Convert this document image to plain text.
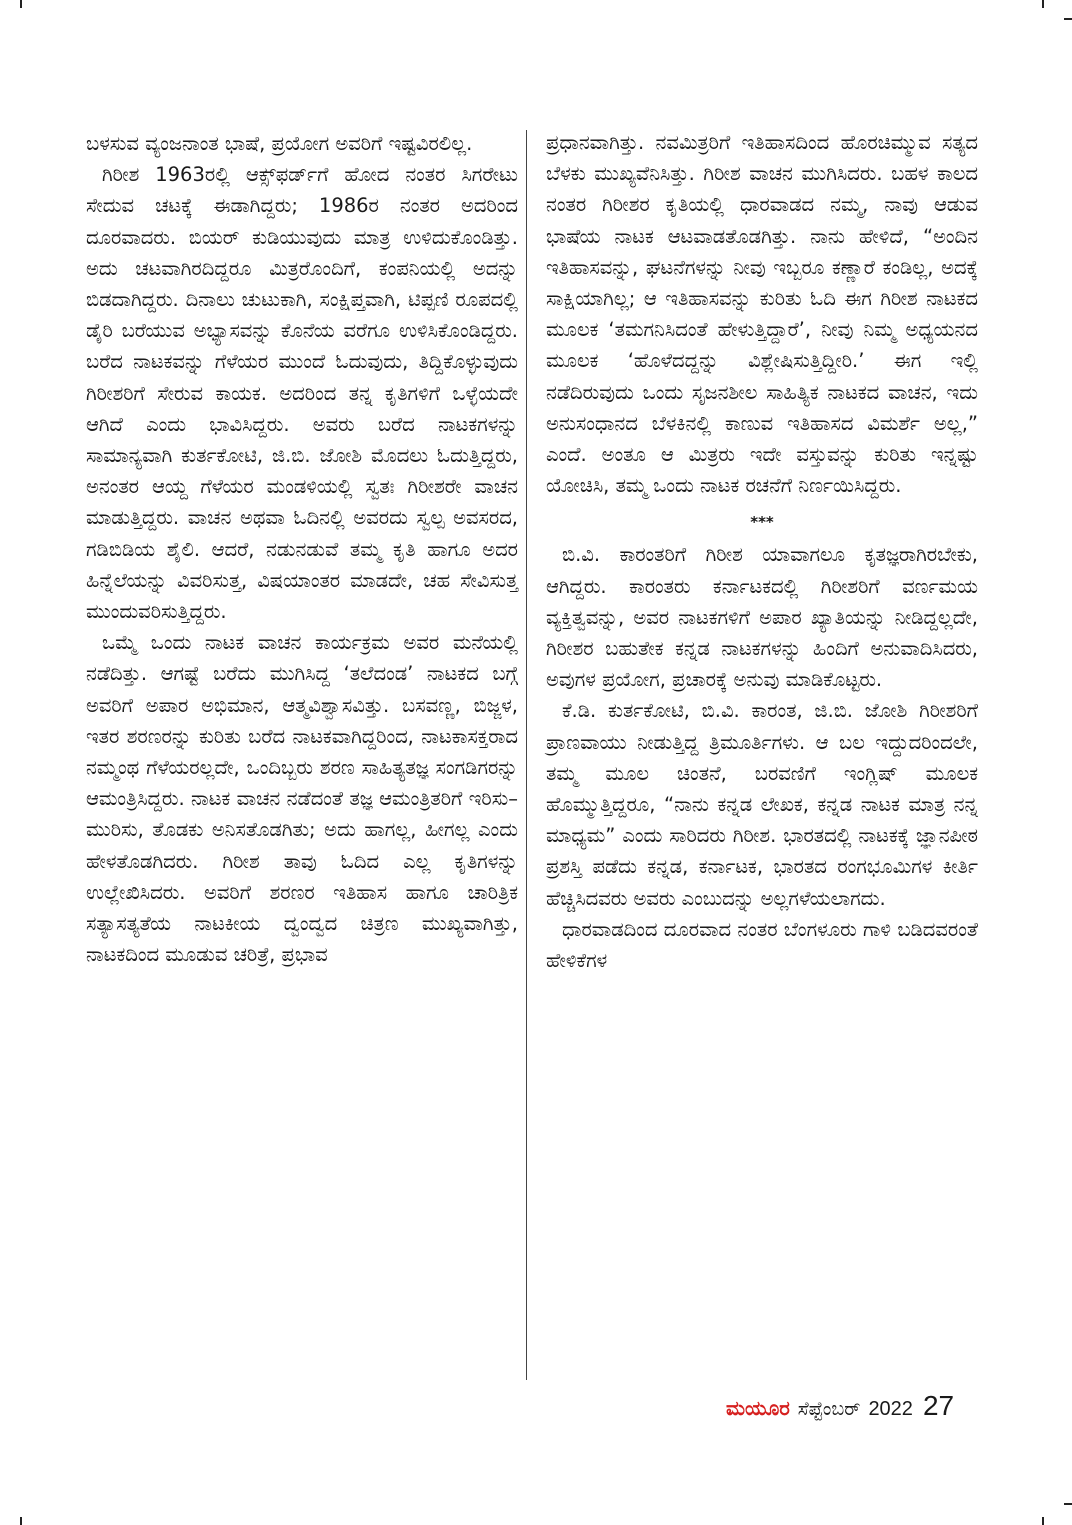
ಬಳಸುವ ವ್ಯಂಜನಾಂತ ಭಾಷೆ, ಪ್ರಯೋಗ ಅವರಿಗೆ ಇಷ್ಟವಿರಲಿಲ್ಲ.

ಗಿರೀಶ 1963ರಲ್ಲಿ ಆಕ್ಸ್‌ಫರ್ಡ್‌ಗೆ ಹೋದ ನಂತರ ಸಿಗರೇಟು ಸೇದುವ ಚಟಕ್ಕೆ ಈಡಾಗಿದ್ದರು; 1986ರ ನಂತರ ಅದರಿಂದ ದೂರವಾದರು. ಬಿಯರ್ ಕುಡಿಯುವುದು ಮಾತ್ರ ಉಳಿದುಕೊಂಡಿತ್ತು. ಅದು ಚಟವಾಗಿರದಿದ್ದರೂ ಮಿತ್ರರೊಂದಿಗೆ, ಕಂಪನಿಯಲ್ಲಿ ಅದನ್ನು ಬಿಡದಾಗಿದ್ದರು. ದಿನಾಲು ಚುಟುಕಾಗಿ, ಸಂಕ್ಷಿಪ್ತವಾಗಿ, ಟಿಪ್ಪಣಿ ರೂಪದಲ್ಲಿ ಡೈರಿ ಬರೆಯುವ ಅಭ್ಯಾಸವನ್ನು ಕೊನೆಯ ವರೆಗೂ ಉಳಿಸಿಕೊಂಡಿದ್ದರು. ಬರೆದ ನಾಟಕವನ್ನು ಗೆಳೆಯರ ಮುಂದೆ ಓದುವುದು, ತಿದ್ದಿಕೊಳ್ಳುವುದು ಗಿರೀಶರಿಗೆ ಸೇರುವ ಕಾಯಕ. ಅದರಿಂದ ತನ್ನ ಕೃತಿಗಳಿಗೆ ಒಳ್ಳೆಯದೇ ಆಗಿದೆ ಎಂದು ಭಾವಿಸಿದ್ದರು. ಅವರು ಬರೆದ ನಾಟಕಗಳನ್ನು ಸಾಮಾನ್ಯವಾಗಿ ಕುರ್ತಕೋಟಿ, ಜಿ.ಬಿ. ಜೋಶಿ ಮೊದಲು ಓದುತ್ತಿದ್ದರು, ಅನಂತರ ಆಯ್ದ ಗೆಳೆಯರ ಮಂಡಳಿಯಲ್ಲಿ ಸ್ವತಃ ಗಿರೀಶರೇ ವಾಚನ ಮಾಡುತ್ತಿದ್ದರು. ವಾಚನ ಅಥವಾ ಓದಿನಲ್ಲಿ ಅವರದು ಸ್ವಲ್ಪ ಅವಸರದ, ಗಡಿಬಿಡಿಯ ಶೈಲಿ. ಆದರೆ, ನಡುನಡುವೆ ತಮ್ಮ ಕೃತಿ ಹಾಗೂ ಅದರ ಹಿನ್ನೆಲೆಯನ್ನು ವಿವರಿಸುತ್ತ, ವಿಷಯಾಂತರ ಮಾಡದೇ, ಚಹ ಸೇವಿಸುತ್ತ ಮುಂದುವರಿಸುತ್ತಿದ್ದರು.

ಒಮ್ಮೆ ಒಂದು ನಾಟಕ ವಾಚನ ಕಾರ್ಯಕ್ರಮ ಅವರ ಮನೆಯಲ್ಲಿ ನಡೆದಿತ್ತು. ಆಗಷ್ಟೆ ಬರೆದು ಮುಗಿಸಿದ್ದ ‘ತಲೆದಂಡ’ ನಾಟಕದ ಬಗ್ಗೆ ಅವರಿಗೆ ಅಪಾರ ಅಭಿಮಾನ, ಆತ್ಮವಿಶ್ವಾಸವಿತ್ತು. ಬಸವಣ್ಣ, ಬಿಜ್ಜಳ, ಇತರ ಶರಣರನ್ನು ಕುರಿತು ಬರೆದ ನಾಟಕವಾಗಿದ್ದರಿಂದ, ನಾಟಕಾಸಕ್ತರಾದ ನಮ್ಮಂಥ ಗೆಳೆಯರಲ್ಲದೇ, ಒಂದಿಬ್ಬರು ಶರಣ ಸಾಹಿತ್ಯತಜ್ಞ ಸಂಗಡಿಗರನ್ನು ಆಮಂತ್ರಿಸಿದ್ದರು. ನಾಟಕ ವಾಚನ ನಡೆದಂತೆ ತಜ್ಞ ಆಮಂತ್ರಿತರಿಗೆ ಇರಿಸು–ಮುರಿಸು, ತೊಡಕು ಅನಿಸತೊಡಗಿತು; ಅದು ಹಾಗಲ್ಲ, ಹೀಗಲ್ಲ ಎಂದು ಹೇಳತೊಡಗಿದರು. ಗಿರೀಶ ತಾವು ಓದಿದ ಎಲ್ಲ ಕೃತಿಗಳನ್ನು ಉಲ್ಲೇಖಿಸಿದರು. ಅವರಿಗೆ ಶರಣರ ಇತಿಹಾಸ ಹಾಗೂ ಚಾರಿತ್ರಿಕ ಸತ್ಯಾಸತ್ಯತೆಯ ನಾಟಕೀಯ ದ್ವಂದ್ವದ ಚಿತ್ರಣ ಮುಖ್ಯವಾಗಿತ್ತು, ನಾಟಕದಿಂದ ಮೂಡುವ ಚರಿತ್ರೆ, ಪ್ರಭಾವ

ಪ್ರಧಾನವಾಗಿತ್ತು. ನವಮಿತ್ರರಿಗೆ ಇತಿಹಾಸದಿಂದ ಹೊರಚಿಮ್ಮುವ ಸತ್ಯದ ಬೆಳಕು ಮುಖ್ಯವೆನಿಸಿತ್ತು. ಗಿರೀಶ ವಾಚನ ಮುಗಿಸಿದರು. ಬಹಳ ಕಾಲದ ನಂತರ ಗಿರೀಶರ ಕೃತಿಯಲ್ಲಿ ಧಾರವಾಡದ ನಮ್ಮ, ನಾವು ಆಡುವ ಭಾಷೆಯ ನಾಟಕ ಆಟವಾಡತೊಡಗಿತ್ತು. ನಾನು ಹೇಳಿದೆ, “ಅಂದಿನ ಇತಿಹಾಸವನ್ನು, ಘಟನೆಗಳನ್ನು ನೀವು ಇಬ್ಬರೂ ಕಣ್ಣಾರೆ ಕಂಡಿಲ್ಲ, ಅದಕ್ಕೆ ಸಾಕ್ಷಿಯಾಗಿಲ್ಲ; ಆ ಇತಿಹಾಸವನ್ನು ಕುರಿತು ಓದಿ ಈಗ ಗಿರೀಶ ನಾಟಕದ ಮೂಲಕ ‘ತಮಗನಿಸಿದಂತೆ ಹೇಳುತ್ತಿದ್ದಾರೆ’, ನೀವು ನಿಮ್ಮ ಅಧ್ಯಯನದ ಮೂಲಕ ‘ಹೊಳೆದದ್ದನ್ನು ವಿಶ್ಲೇಷಿಸುತ್ತಿದ್ದೀರಿ.’ ಈಗ ಇಲ್ಲಿ ನಡೆದಿರುವುದು ಒಂದು ಸೃಜನಶೀಲ ಸಾಹಿತ್ಯಿಕ ನಾಟಕದ ವಾಚನ, ಇದು ಅನುಸಂಧಾನದ ಬೆಳಕಿನಲ್ಲಿ ಕಾಣುವ ಇತಿಹಾಸದ ವಿಮರ್ಶೆ ಅಲ್ಲ,” ಎಂದೆ. ಅಂತೂ ಆ ಮಿತ್ರರು ಇದೇ ವಸ್ತುವನ್ನು ಕುರಿತು ಇನ್ನಷ್ಟು ಯೋಚಿಸಿ, ತಮ್ಮ ಒಂದು ನಾಟಕ ರಚನೆಗೆ ನಿರ್ಣಯಿಸಿದ್ದರು.

***

ಬಿ.ವಿ. ಕಾರಂತರಿಗೆ ಗಿರೀಶ ಯಾವಾಗಲೂ ಕೃತಜ್ಞರಾಗಿರಬೇಕು, ಆಗಿದ್ದರು. ಕಾರಂತರು ಕರ್ನಾಟಕದಲ್ಲಿ ಗಿರೀಶರಿಗೆ ವರ್ಣಮಯ ವ್ಯಕ್ತಿತ್ವವನ್ನು, ಅವರ ನಾಟಕಗಳಿಗೆ ಅಪಾರ ಖ್ಯಾತಿಯನ್ನು ನೀಡಿದ್ದಲ್ಲದೇ, ಗಿರೀಶರ ಬಹುತೇಕ ಕನ್ನಡ ನಾಟಕಗಳನ್ನು ಹಿಂದಿಗೆ ಅನುವಾದಿಸಿದರು, ಅವುಗಳ ಪ್ರಯೋಗ, ಪ್ರಚಾರಕ್ಕೆ ಅನುವು ಮಾಡಿಕೊಟ್ಟರು.

ಕೆ.ಡಿ. ಕುರ್ತಕೋಟಿ, ಬಿ.ವಿ. ಕಾರಂತ, ಜಿ.ಬಿ. ಜೋಶಿ ಗಿರೀಶರಿಗೆ ಪ್ರಾಣವಾಯು ನೀಡುತ್ತಿದ್ದ ತ್ರಿಮೂರ್ತಿಗಳು. ಆ ಬಲ ಇದ್ದುದರಿಂದಲೇ, ತಮ್ಮ ಮೂಲ ಚಿಂತನೆ, ಬರವಣಿಗೆ ಇಂಗ್ಲಿಷ್ ಮೂಲಕ ಹೊಮ್ಮುತ್ತಿದ್ದರೂ, “ನಾನು ಕನ್ನಡ ಲೇಖಕ, ಕನ್ನಡ ನಾಟಕ ಮಾತ್ರ ನನ್ನ ಮಾಧ್ಯಮ” ಎಂದು ಸಾರಿದರು ಗಿರೀಶ. ಭಾರತದಲ್ಲಿ ನಾಟಕಕ್ಕೆ ಜ್ಞಾನಪೀಠ ಪ್ರಶಸ್ತಿ ಪಡೆದು ಕನ್ನಡ, ಕರ್ನಾಟಕ, ಭಾರತದ ರಂಗಭೂಮಿಗಳ ಕೀರ್ತಿ ಹೆಚ್ಚಿಸಿದವರು ಅವರು ಎಂಬುದನ್ನು ಅಲ್ಲಗಳೆಯಲಾಗದು.

ಧಾರವಾಡದಿಂದ ದೂರವಾದ ನಂತರ ಬೆಂಗಳೂರು ಗಾಳಿ ಬಡಿದವರಂತೆ ಹೇಳಿಕೆಗಳ

ಮಯೂರ ಸೆಪ್ಟೆಂಬರ್ 2022 27
